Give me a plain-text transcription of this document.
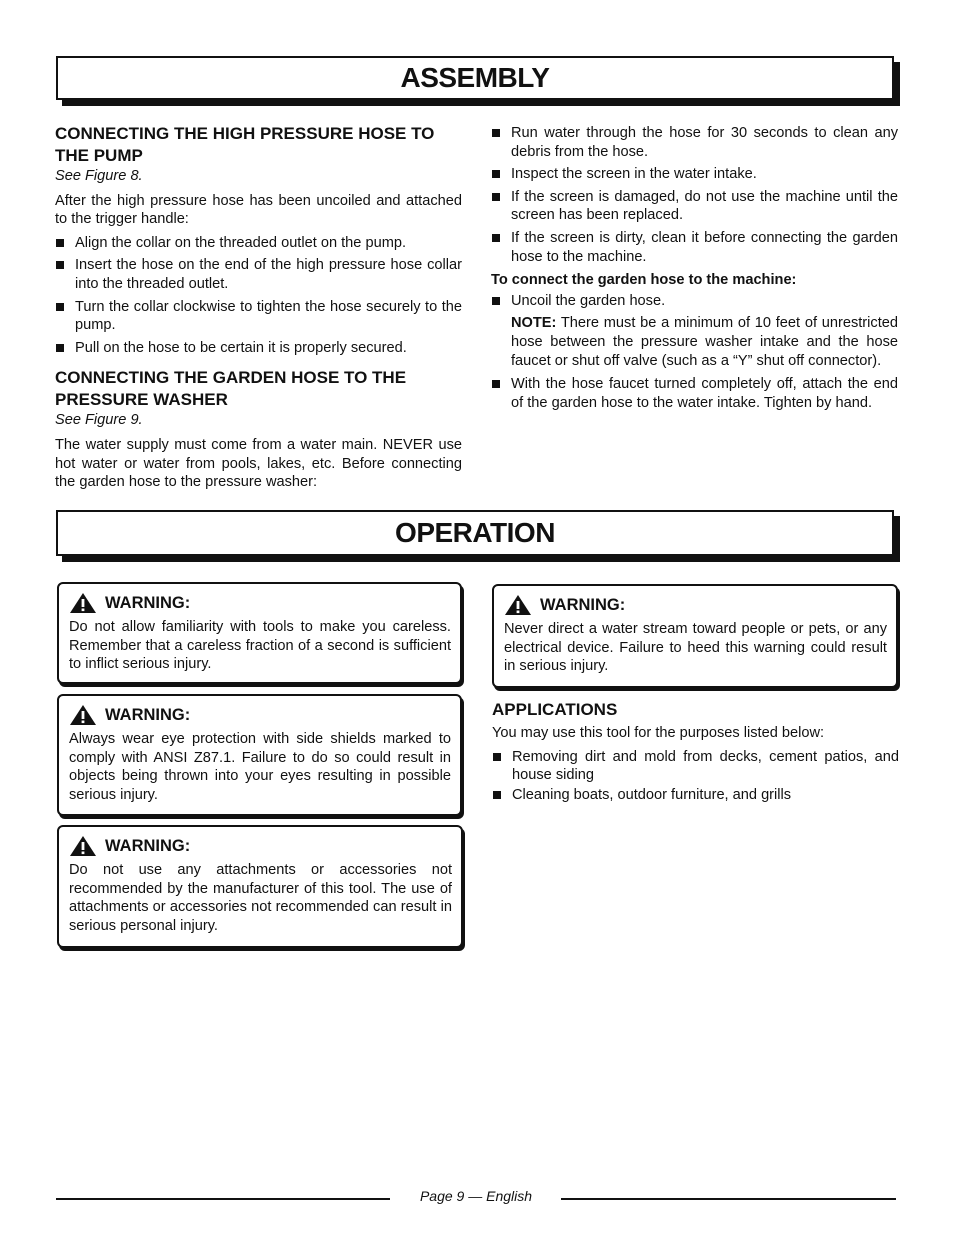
ASSEMBLY
CONNECTING THE HIGH PRESSURE HOSE TO THE PUMP
See Figure 8.

After the high pressure hose has been uncoiled and attached to the trigger handle:

Align the collar on the threaded outlet on the pump.
Insert the hose on the end of the high pressure hose collar into the threaded outlet.
Turn the collar clockwise to tighten the hose securely to the pump.
Pull on the hose to be certain it is properly secured.
CONNECTING THE GARDEN HOSE TO THE PRESSURE WASHER
See Figure 9.

The water supply must come from a water main. NEVER use hot water or water from pools, lakes, etc. Before connecting the garden hose to the pressure washer:

Run water through the hose for 30 seconds to clean any debris from the hose.
Inspect the screen in the water intake.
If the screen is damaged, do not use the machine until the screen has been replaced.
If the screen is dirty, clean it before connecting the garden hose to the machine.
To connect the garden hose to the machine:
Uncoil the garden hose.
NOTE: There must be a minimum of 10 feet of unrestricted hose between the pressure washer intake and the hose faucet or shut off valve (such as a “Y” shut off connector).
With the hose faucet turned completely off, attach the end of the garden hose to the water intake. Tighten by hand.
OPERATION
WARNING:

Do not allow familiarity with tools to make you careless. Remember that a careless fraction of a second is sufficient to inflict serious injury.

WARNING:

Always wear eye protection with side shields marked to comply with ANSI Z87.1. Failure to do so could result in objects being thrown into your eyes resulting in possible serious injury.

WARNING:

Do not use any attachments or accessories not recommended by the manufacturer of this tool. The use of attachments or accessories not recommended can result in serious personal injury.

WARNING:

Never direct a water stream toward people or pets, or any electrical device. Failure to heed this warning could result in serious injury.

APPLICATIONS

You may use this tool for the purposes listed below:

Removing dirt and mold from decks, cement patios, and house siding
Cleaning boats, outdoor furniture, and grills
Page 9 — English
